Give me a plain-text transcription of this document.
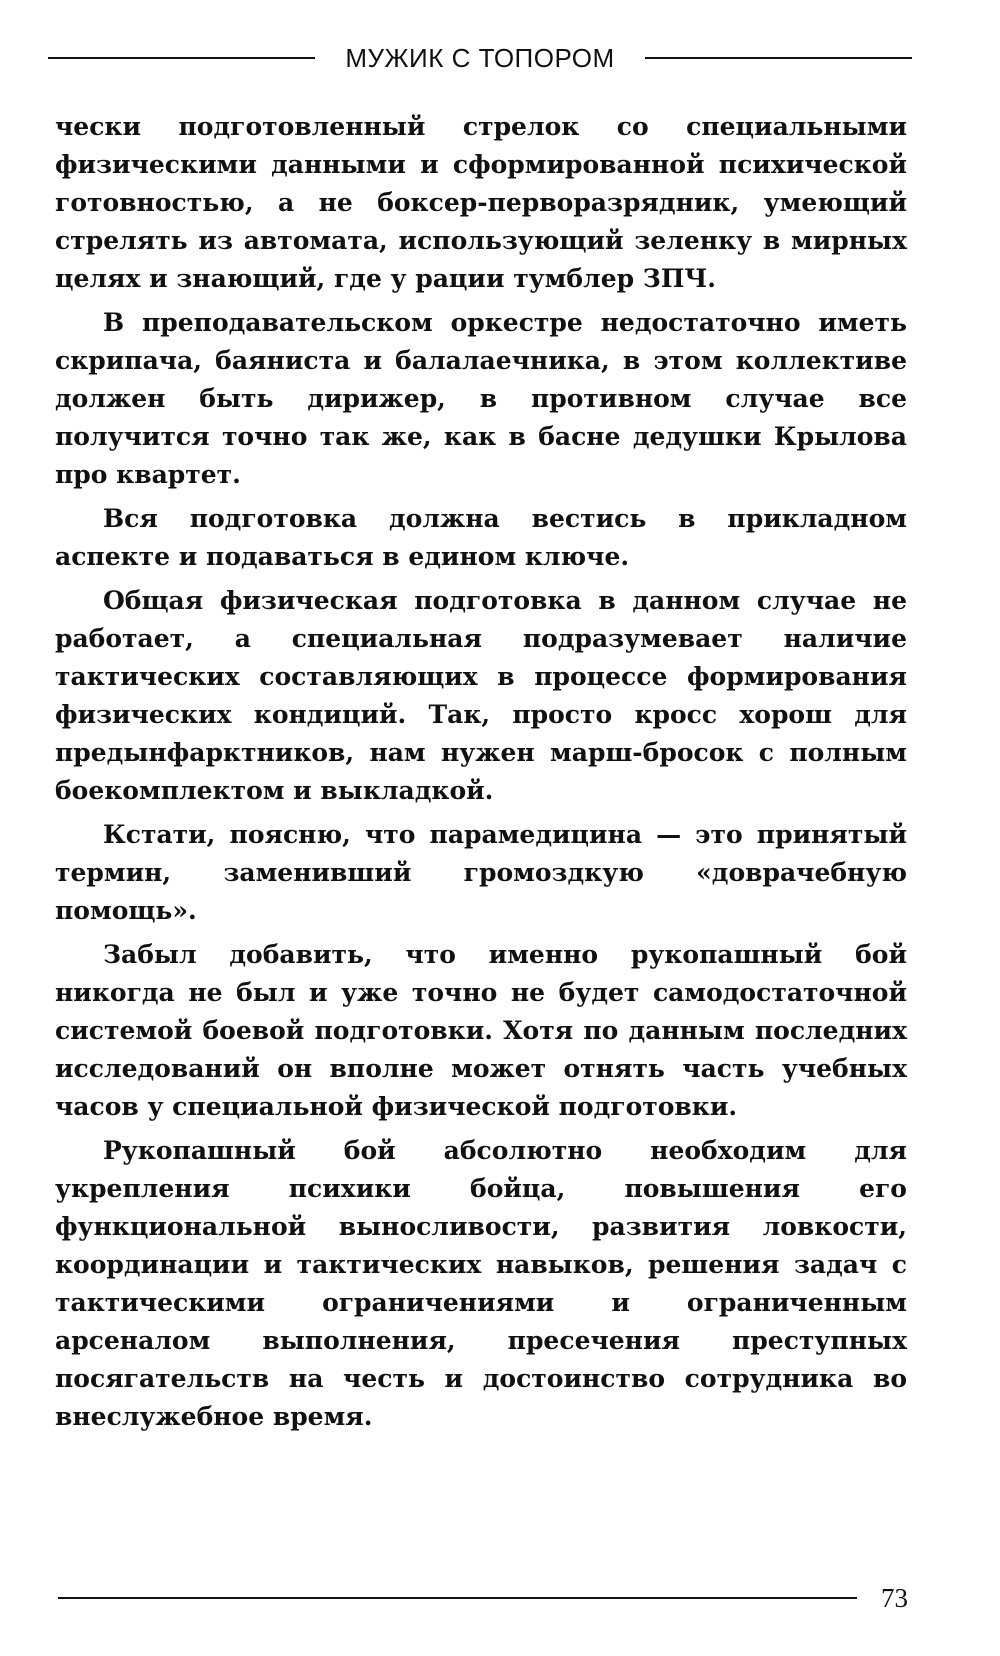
МУЖИК С ТОПОРОМ

чески подготовленный стрелок со специальными физическими данными и сформированной психической готовностью, а не боксер-перворазрядник, умеющий стрелять из автомата, использующий зеленку в мирных целях и знающий, где у рации тумблер ЗПЧ.

В преподавательском оркестре недостаточно иметь скрипача, баяниста и балалаечника, в этом коллективе должен быть дирижер, в противном случае все получится точно так же, как в басне дедушки Крылова про квартет.

Вся подготовка должна вестись в прикладном аспекте и подаваться в едином ключе.

Общая физическая подготовка в данном случае не работает, а специальная подразумевает наличие тактических составляющих в процессе формирования физических кондиций. Так, просто кросс хорош для предынфарктников, нам нужен марш-бросок с полным боекомплектом и выкладкой.

Кстати, поясню, что парамедицина — это принятый термин, заменивший громоздкую «доврачебную помощь».

Забыл добавить, что именно рукопашный бой никогда не был и уже точно не будет самодостаточной системой боевой подготовки. Хотя по данным последних исследований он вполне может отнять часть учебных часов у специальной физической подготовки.

Рукопашный бой абсолютно необходим для укрепления психики бойца, повышения его функциональной выносливости, развития ловкости, координации и тактических навыков, решения задач с тактическими ограничениями и ограниченным арсеналом выполнения, пресечения преступных посягательств на честь и достоинство сотрудника во внеслужебное время.

73
